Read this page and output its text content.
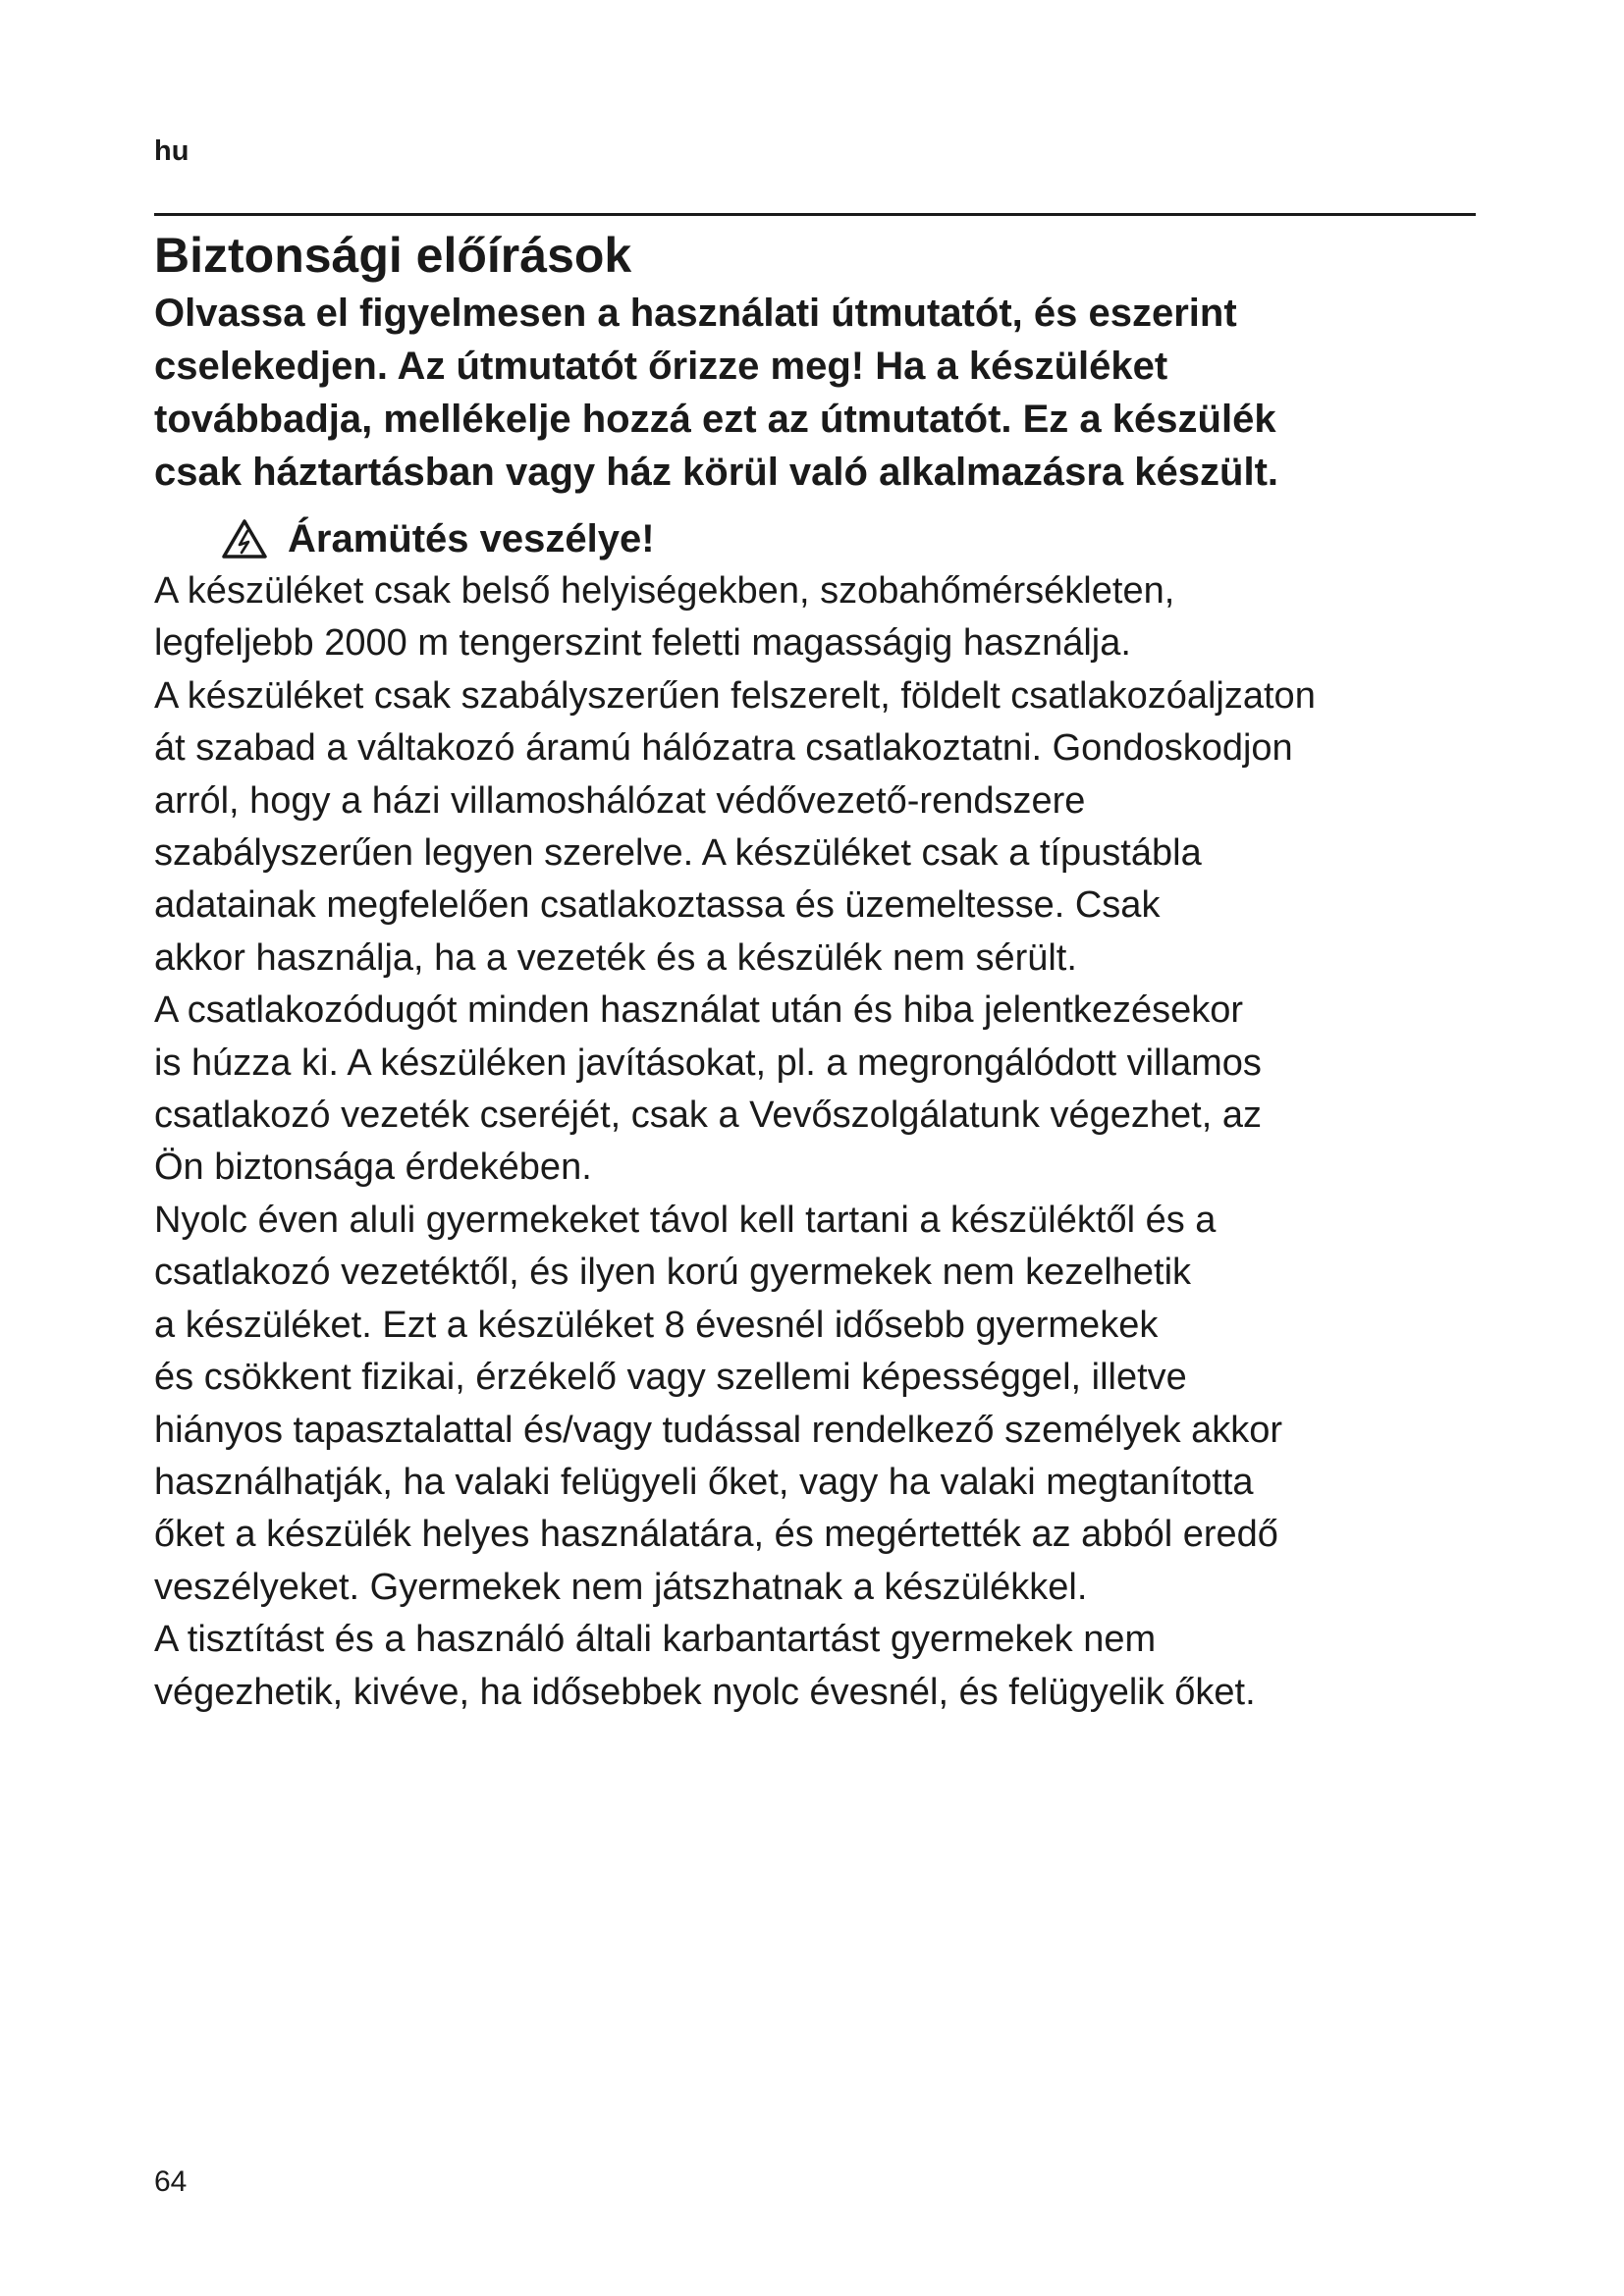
hu
Biztonsági előírások

Olvassa el figyelmesen a használati útmutatót, és eszerint
cselekedjen. Az útmutatót őrizze meg! Ha a készüléket
továbbadja, mellékelje hozzá ezt az útmutatót. Ez a készülék
csak háztartásban vagy ház körül való alkalmazásra készült.

Áramütés veszélye!

A készüléket csak belső helyiségekben, szobahőmérsékleten,
legfeljebb 2000 m tengerszint feletti magasságig használja.
A készüléket csak szabályszerűen felszerelt, földelt csatlakozóaljzaton
át szabad a váltakozó áramú hálózatra csatlakoztatni. Gondoskodjon
arról, hogy a házi villamoshálózat védővezető-rendszere
szabályszerűen legyen szerelve. A készüléket csak a típustábla
adatainak megfelelően csatlakoztassa és üzemeltesse. Csak
akkor használja, ha a vezeték és a készülék nem sérült.
A csatlakozódugót minden használat után és hiba jelentkezésekor
is húzza ki. A készüléken javításokat, pl. a megrongálódott villamos
csatlakozó vezeték cseréjét, csak a Vevőszolgálatunk végezhet, az
Ön biztonsága érdekében.
Nyolc éven aluli gyermekeket távol kell tartani a készüléktől és a
csatlakozó vezetéktől, és ilyen korú gyermekek nem kezelhetik
a készüléket. Ezt a készüléket 8 évesnél idősebb gyermekek
és csökkent fizikai, érzékelő vagy szellemi képességgel, illetve
hiányos tapasztalattal és/vagy tudással rendelkező személyek akkor
használhatják, ha valaki felügyeli őket, vagy ha valaki megtanította
őket a készülék helyes használatára, és megértették az abból eredő
veszélyeket. Gyermekek nem játszhatnak a készülékkel.
A tisztítást és a használó általi karbantartást gyermekek nem
végezhetik, kivéve, ha idősebbek nyolc évesnél, és felügyelik őket.

64
